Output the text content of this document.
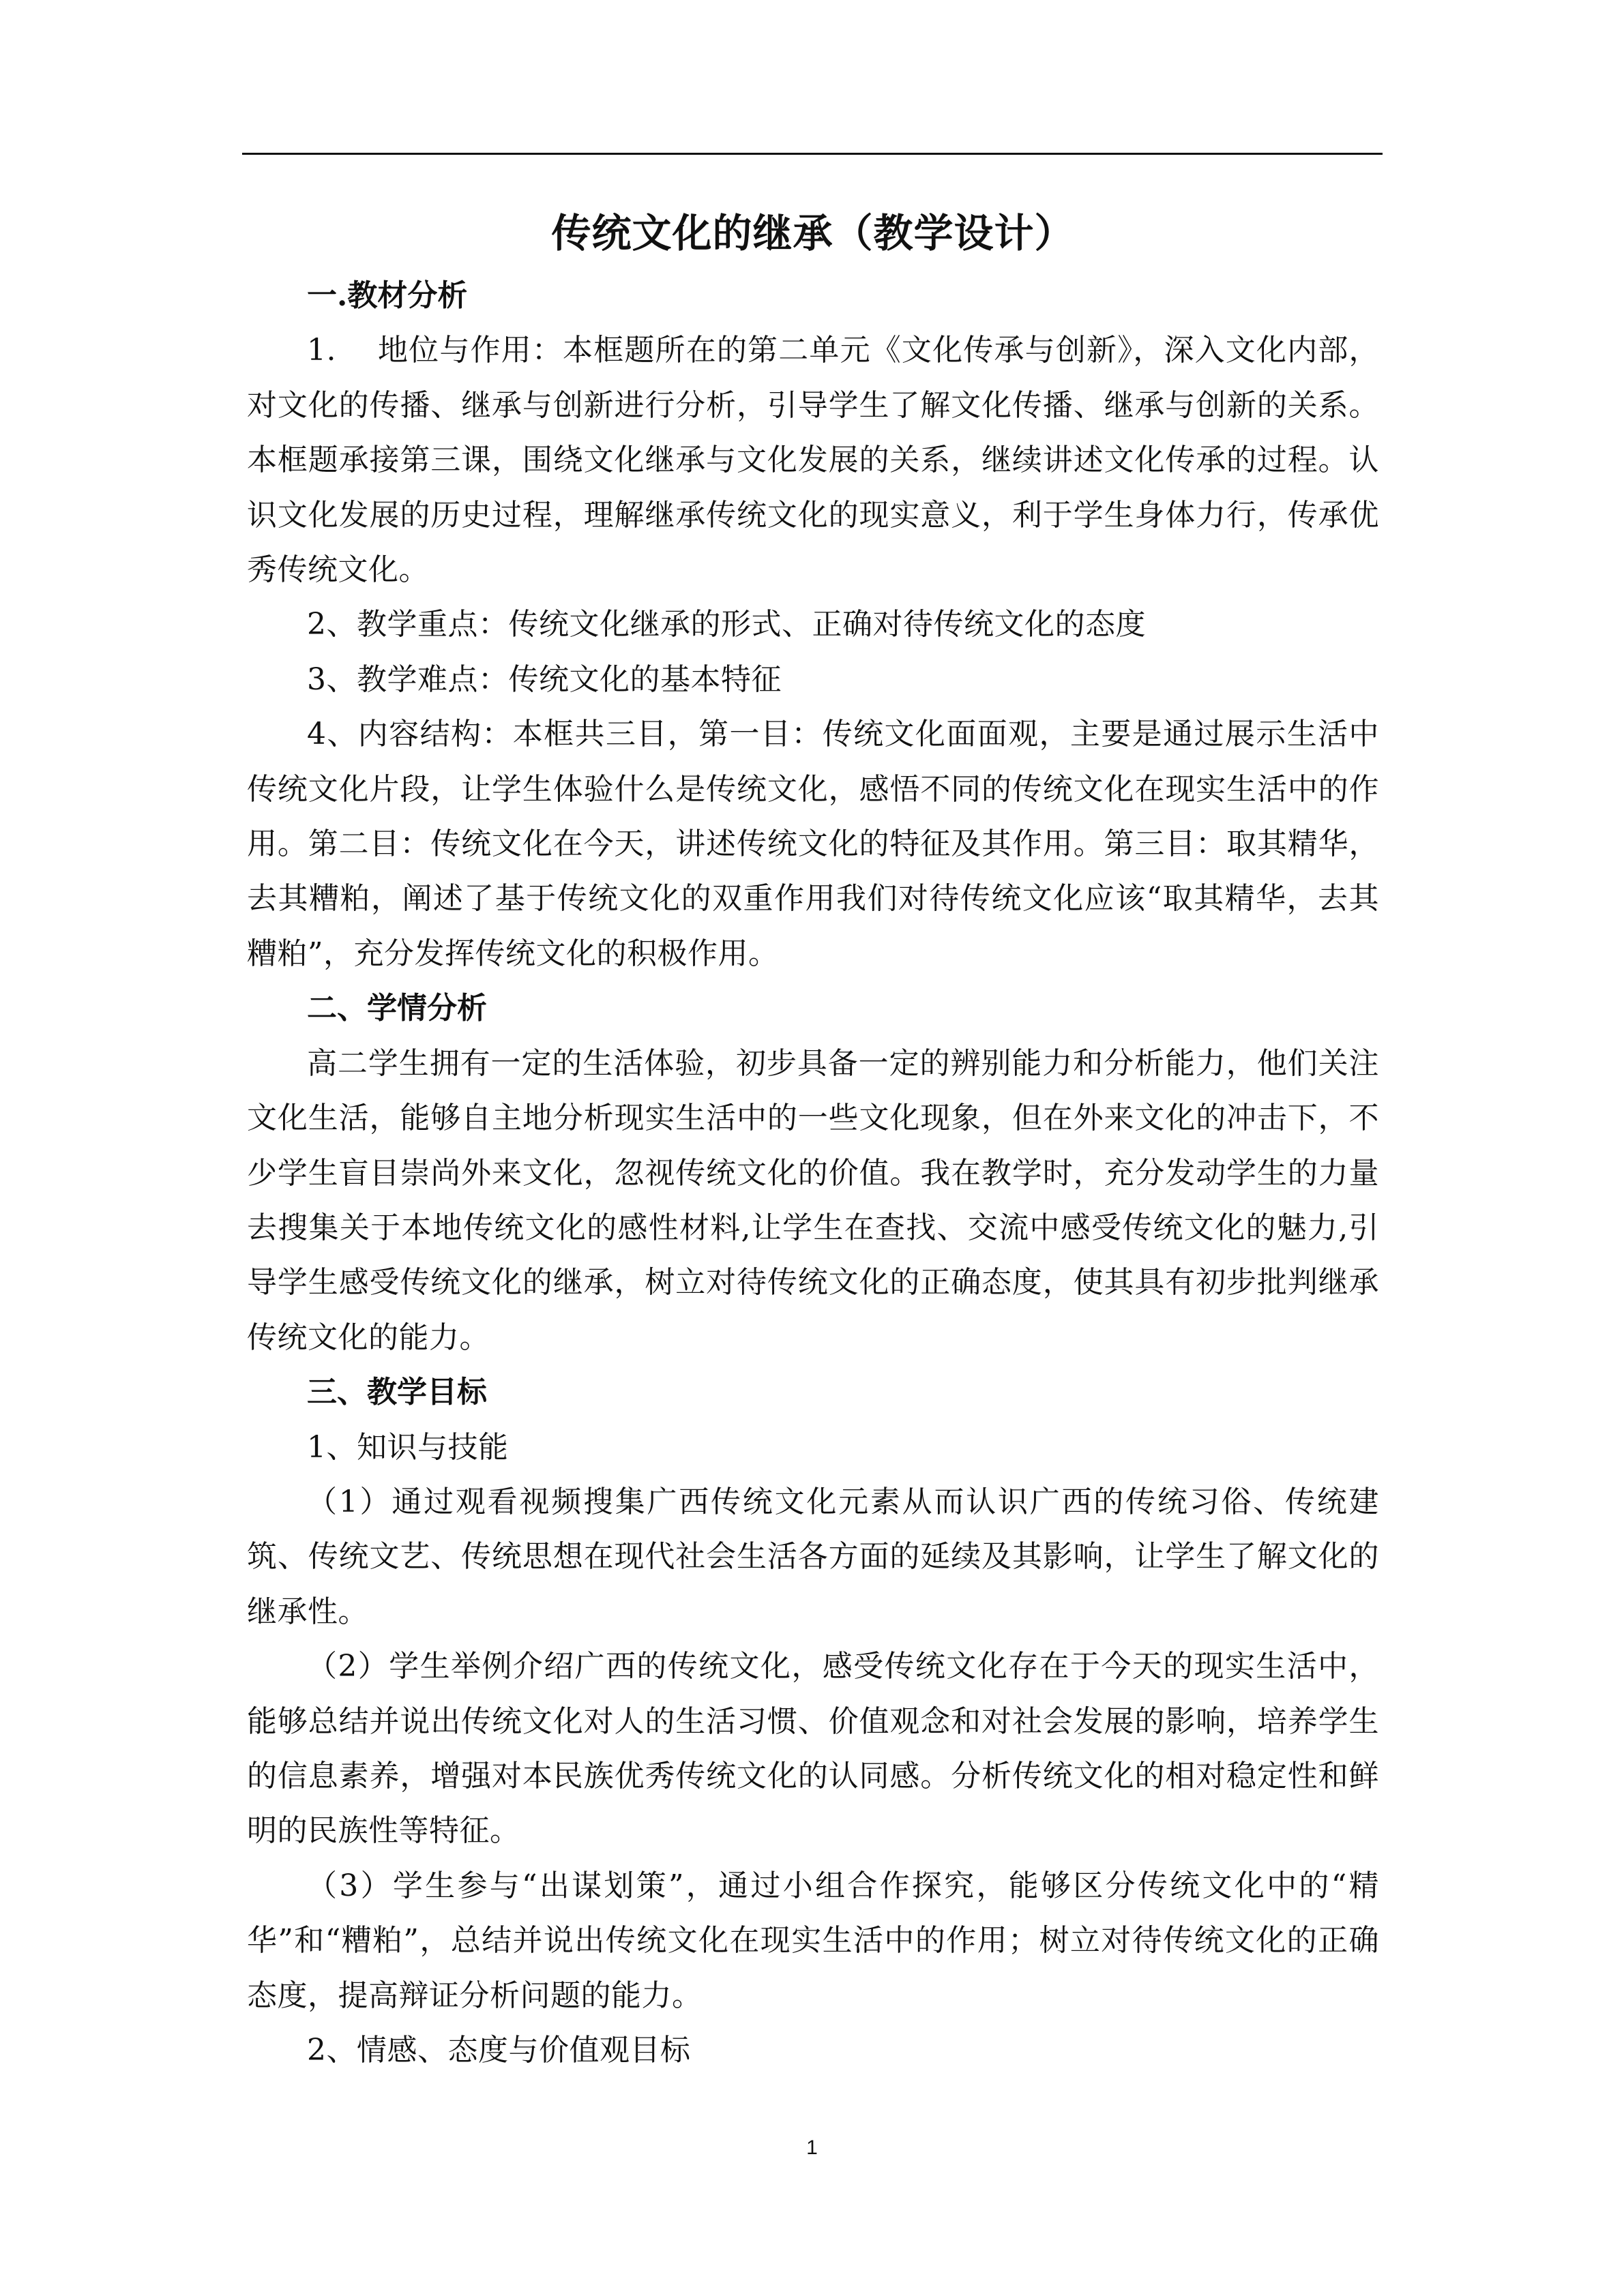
传统文化的继承（教学设计）

一.教材分析

1.　 地位与作用：本框题所在的第二单元《文化传承与创新》，深入文化内部，对文化的传播、继承与创新进行分析，引导学生了解文化传播、继承与创新的关系。本框题承接第三课，围绕文化继承与文化发展的关系，继续讲述文化传承的过程。认识文化发展的历史过程，理解继承传统文化的现实意义，利于学生身体力行，传承优秀传统文化。

2、教学重点：传统文化继承的形式、正确对待传统文化的态度

3、教学难点：传统文化的基本特征

4、内容结构：本框共三目，第一目：传统文化面面观，主要是通过展示生活中传统文化片段，让学生体验什么是传统文化，感悟不同的传统文化在现实生活中的作用。第二目：传统文化在今天，讲述传统文化的特征及其作用。第三目：取其精华，去其糟粕，阐述了基于传统文化的双重作用我们对待传统文化应该“取其精华，去其糟粕”，充分发挥传统文化的积极作用。

二、学情分析

高二学生拥有一定的生活体验，初步具备一定的辨别能力和分析能力，他们关注文化生活，能够自主地分析现实生活中的一些文化现象，但在外来文化的冲击下，不少学生盲目崇尚外来文化，忽视传统文化的价值。我在教学时，充分发动学生的力量去搜集关于本地传统文化的感性材料,让学生在查找、交流中感受传统文化的魅力,引导学生感受传统文化的继承，树立对待传统文化的正确态度，使其具有初步批判继承传统文化的能力。

三、教学目标

1、知识与技能

（1）通过观看视频搜集广西传统文化元素从而认识广西的传统习俗、传统建筑、传统文艺、传统思想在现代社会生活各方面的延续及其影响，让学生了解文化的继承性。

（2）学生举例介绍广西的传统文化，感受传统文化存在于今天的现实生活中，能够总结并说出传统文化对人的生活习惯、价值观念和对社会发展的影响，培养学生的信息素养，增强对本民族优秀传统文化的认同感。分析传统文化的相对稳定性和鲜明的民族性等特征。

（3）学生参与“出谋划策”，通过小组合作探究，能够区分传统文化中的“精华”和“糟粕”，总结并说出传统文化在现实生活中的作用；树立对待传统文化的正确态度，提高辩证分析问题的能力。

2、情感、态度与价值观目标

1
